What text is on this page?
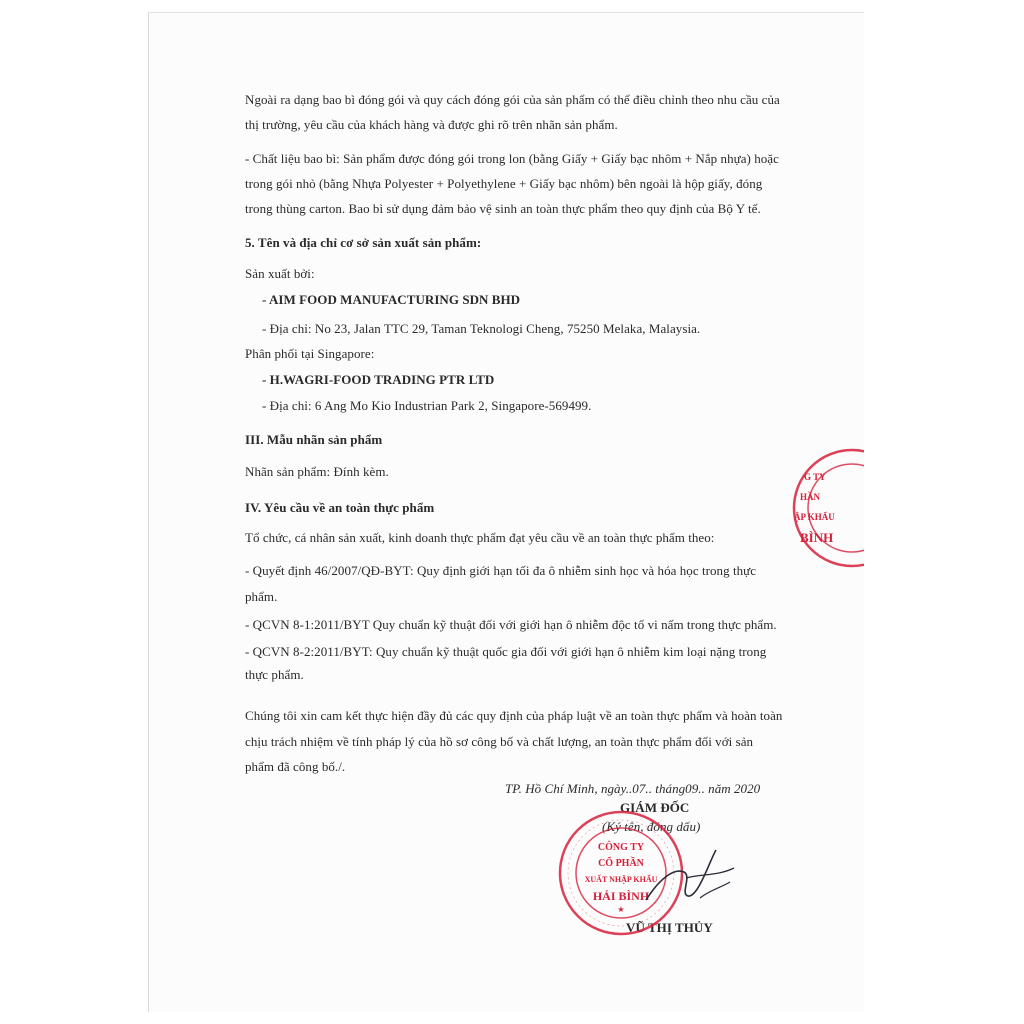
Ngoài ra dạng bao bì đóng gói và quy cách đóng gói của sản phẩm có thể điều chỉnh theo nhu cầu của
thị trường, yêu cầu của khách hàng và được ghi rõ trên nhãn sản phẩm.
- Chất liệu bao bì: Sản phẩm được đóng gói trong lon (bằng Giấy + Giấy bạc nhôm + Nắp nhựa) hoặc
trong gói nhỏ (bằng Nhựa Polyester + Polyethylene + Giấy bạc nhôm) bên ngoài là hộp giấy, đóng
trong thùng carton. Bao bì sử dụng đảm bảo vệ sinh an toàn thực phẩm theo quy định của Bộ Y tế.
5. Tên và địa chỉ cơ sở sản xuất sản phẩm:
Sản xuất bởi:
- AIM FOOD MANUFACTURING SDN BHD
- Địa chỉ: No 23, Jalan TTC 29, Taman Teknologi Cheng, 75250 Melaka, Malaysia.
Phân phối tại Singapore:
- H.WAGRI-FOOD TRADING PTR LTD
- Địa chỉ: 6 Ang Mo Kio Industrian Park 2, Singapore-569499.
III. Mẫu nhãn sản phẩm
Nhãn sản phẩm: Đính kèm.
IV. Yêu cầu về an toàn thực phẩm
Tổ chức, cá nhân sản xuất, kinh doanh thực phẩm đạt yêu cầu về an toàn thực phẩm theo:
- Quyết định 46/2007/QĐ-BYT: Quy định giới hạn tối đa ô nhiễm sinh học và hóa học trong thực
phẩm.
- QCVN 8-1:2011/BYT Quy chuẩn kỹ thuật đối với giới hạn ô nhiễm độc tố vi nấm trong thực phẩm.
- QCVN 8-2:2011/BYT: Quy chuẩn kỹ thuật quốc gia đối với giới hạn ô nhiễm kim loại nặng trong
thực phẩm.
Chúng tôi xin cam kết thực hiện đầy đủ các quy định của pháp luật về an toàn thực phẩm và hoàn toàn
chịu trách nhiệm về tính pháp lý của hồ sơ công bố và chất lượng, an toàn thực phẩm đối với sản
phẩm đã công bố./.
TP. Hồ Chí Minh, ngày..07.. tháng09.. năm 2020
GIÁM ĐỐC
(Ký tên, đóng dấu)
VŨ THỊ THỦY
G TY
HẦN
ẬP KHẨU
BÌNH
CÔNG TY
CỔ PHẦN
XUẤT NHẬP KHẨU
HẢI BÌNH
★
